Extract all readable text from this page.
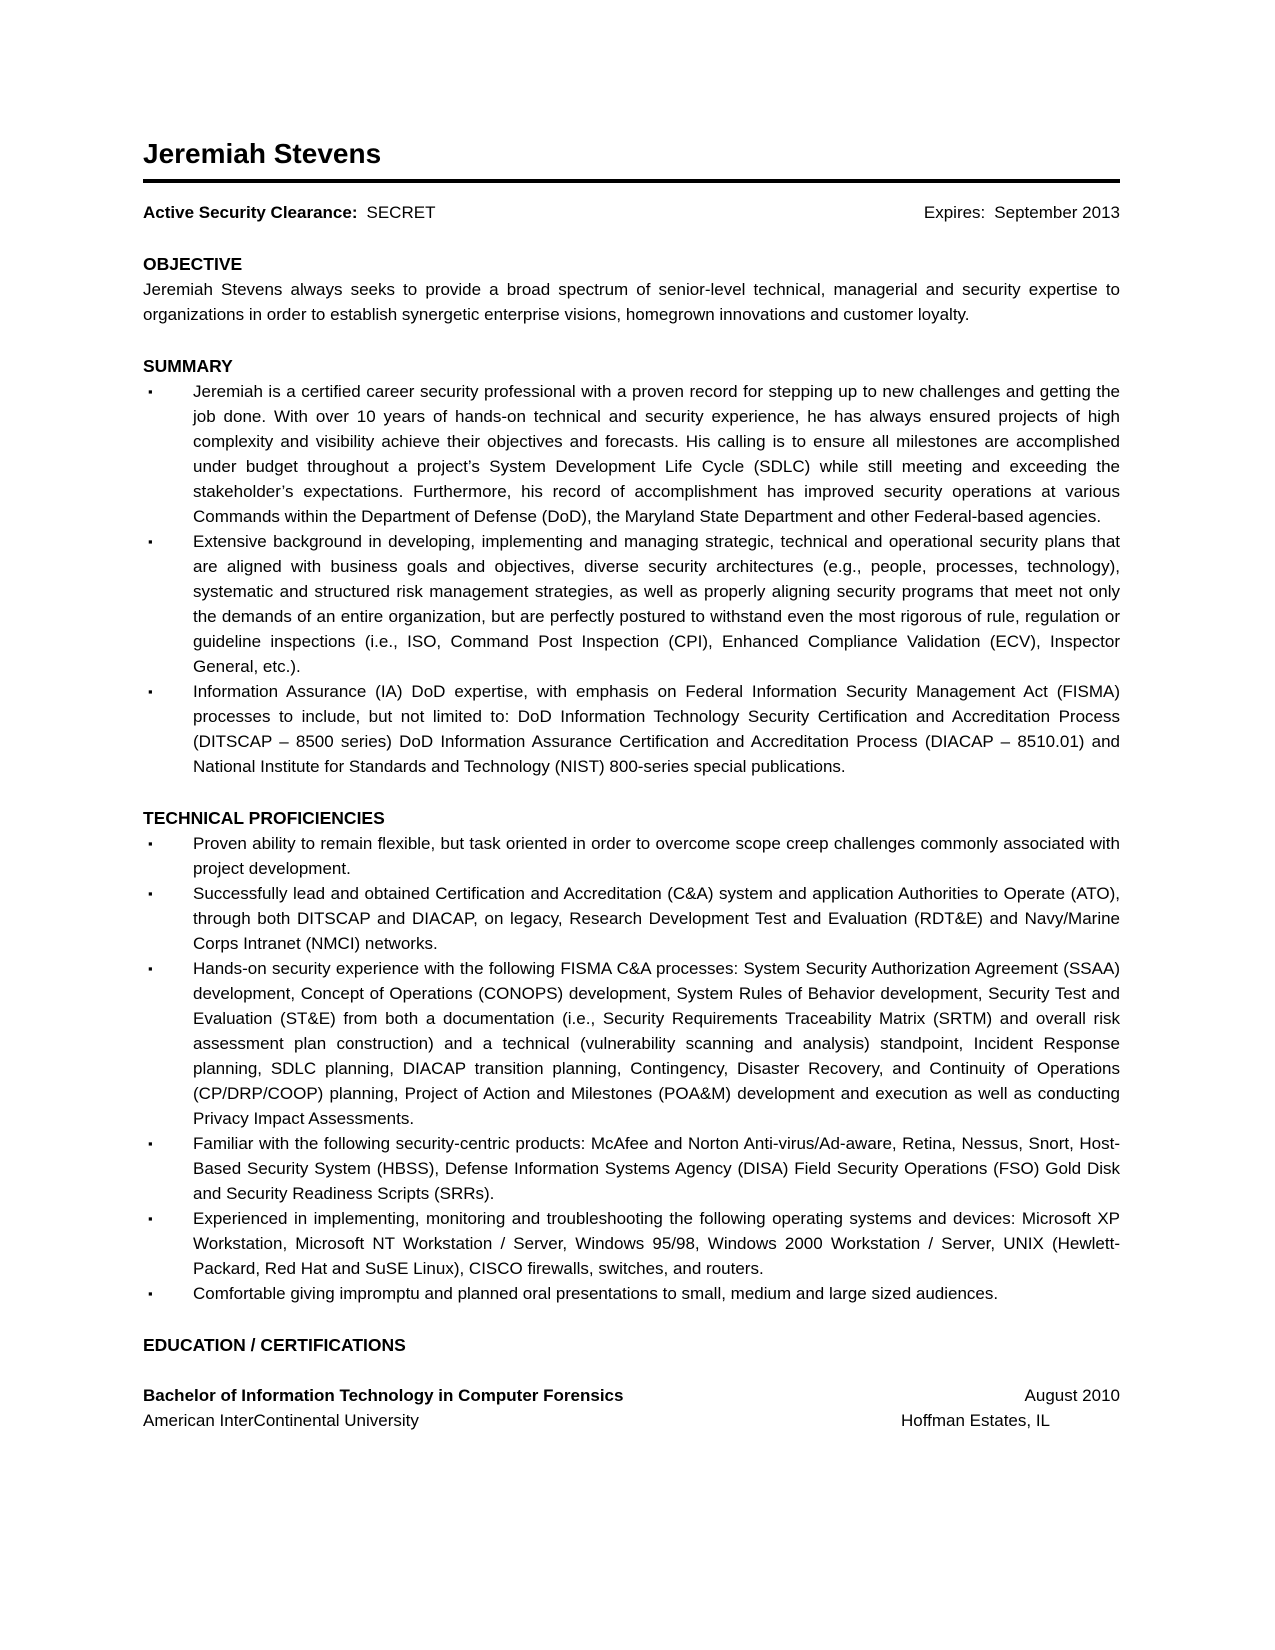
Jeremiah Stevens
Active Security Clearance: SECRET	Expires: September 2013
OBJECTIVE

Jeremiah Stevens always seeks to provide a broad spectrum of senior-level technical, managerial and security expertise to organizations in order to establish synergetic enterprise visions, homegrown innovations and customer loyalty.

SUMMARY
▪	Jeremiah is a certified career security professional with a proven record for stepping up to new challenges and getting the job done. With over 10 years of hands-on technical and security experience, he has always ensured projects of high complexity and visibility achieve their objectives and forecasts. His calling is to ensure all milestones are accomplished under budget throughout a project’s System Development Life Cycle (SDLC) while still meeting and exceeding the stakeholder’s expectations. Furthermore, his record of accomplishment has improved security operations at various Commands within the Department of Defense (DoD), the Maryland State Department and other Federal-based agencies.
▪	Extensive background in developing, implementing and managing strategic, technical and operational security plans that are aligned with business goals and objectives, diverse security architectures (e.g., people, processes, technology), systematic and structured risk management strategies, as well as properly aligning security programs that meet not only the demands of an entire organization, but are perfectly postured to withstand even the most rigorous of rule, regulation or guideline inspections (i.e., ISO, Command Post Inspection (CPI), Enhanced Compliance Validation (ECV), Inspector General, etc.).
▪	Information Assurance (IA) DoD expertise, with emphasis on Federal Information Security Management Act (FISMA) processes to include, but not limited to: DoD Information Technology Security Certification and Accreditation Process (DITSCAP – 8500 series) DoD Information Assurance Certification and Accreditation Process (DIACAP – 8510.01) and National Institute for Standards and Technology (NIST) 800-series special publications.
TECHNICAL PROFICIENCIES
▪	Proven ability to remain flexible, but task oriented in order to overcome scope creep challenges commonly associated with project development.
▪	Successfully lead and obtained Certification and Accreditation (C&A) system and application Authorities to Operate (ATO), through both DITSCAP and DIACAP, on legacy, Research Development Test and Evaluation (RDT&E) and Navy/Marine Corps Intranet (NMCI) networks.
▪	Hands-on security experience with the following FISMA C&A processes: System Security Authorization Agreement (SSAA) development, Concept of Operations (CONOPS) development, System Rules of Behavior development, Security Test and Evaluation (ST&E) from both a documentation (i.e., Security Requirements Traceability Matrix (SRTM) and overall risk assessment plan construction) and a technical (vulnerability scanning and analysis) standpoint, Incident Response planning, SDLC planning, DIACAP transition planning, Contingency, Disaster Recovery, and Continuity of Operations (CP/DRP/COOP) planning, Project of Action and Milestones (POA&M) development and execution as well as conducting Privacy Impact Assessments.
▪	Familiar with the following security-centric products: McAfee and Norton Anti-virus/Ad-aware, Retina, Nessus, Snort, Host-Based Security System (HBSS), Defense Information Systems Agency (DISA) Field Security Operations (FSO) Gold Disk and Security Readiness Scripts (SRRs).
▪	Experienced in implementing, monitoring and troubleshooting the following operating systems and devices: Microsoft XP Workstation, Microsoft NT Workstation / Server, Windows 95/98, Windows 2000 Workstation / Server, UNIX (Hewlett-Packard, Red Hat and SuSE Linux), CISCO firewalls, switches, and routers.
▪	Comfortable giving impromptu and planned oral presentations to small, medium and large sized audiences.
EDUCATION / CERTIFICATIONS
Bachelor of Information Technology in Computer Forensics	August 2010
American InterContinental University	Hoffman Estates, IL
